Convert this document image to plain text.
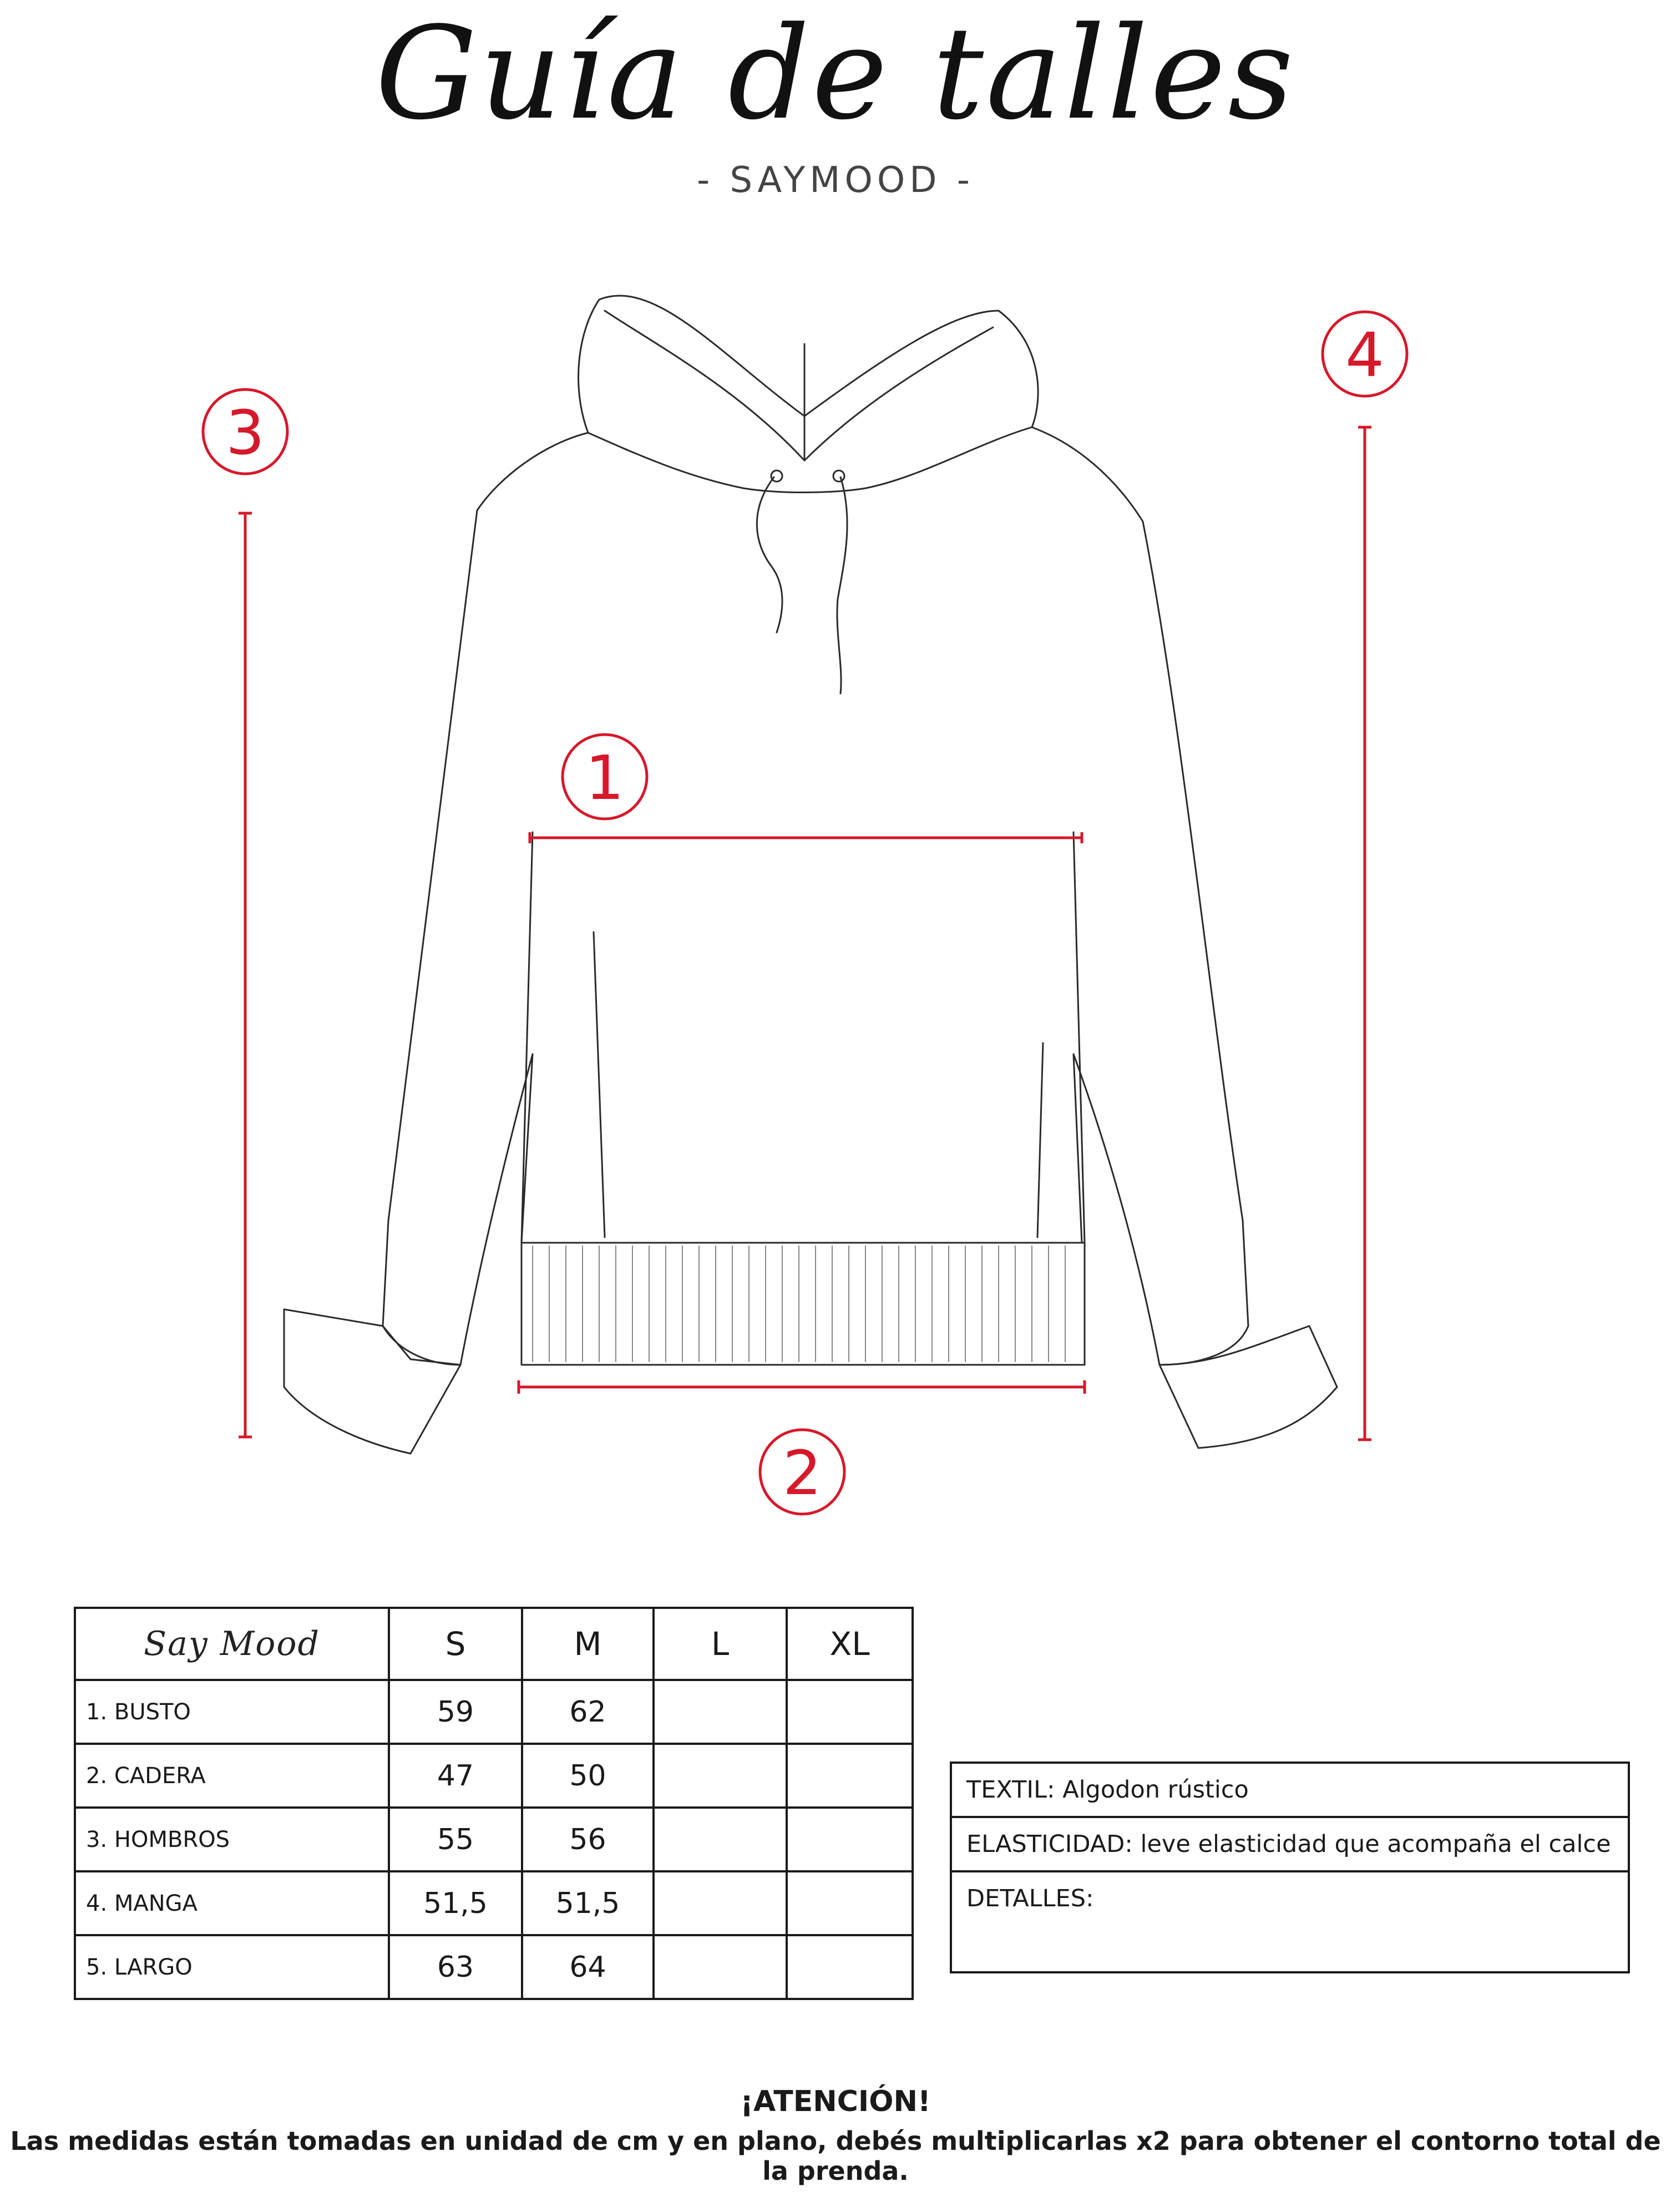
Guía de talles
- SAYMOOD -
1
2
3
4
Say Mood	S	M	L	XL
1. BUSTO	59	62		
2. CADERA	47	50		
3. HOMBROS	55	56		
4. MANGA	51,5	51,5		
5. LARGO	63	64		
TEXTIL: Algodon rústico
ELASTICIDAD: leve elasticidad que acompaña el calce
DETALLES:
¡ATENCIÓN!
Las medidas están tomadas en unidad de cm y en plano, debés multiplicarlas x2 para obtener el contorno total de la prenda.
